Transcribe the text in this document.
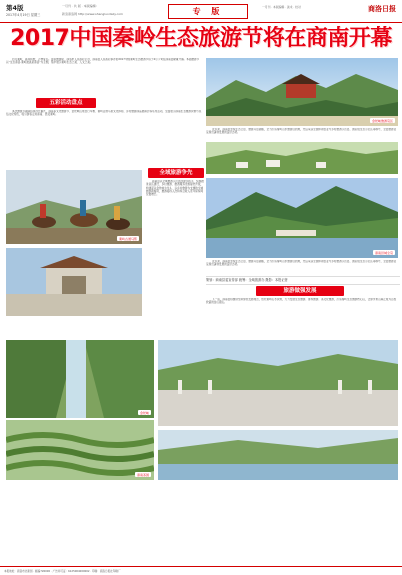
第4版
2017年4月19日 星期三
一月刊 · 共 版 · 本版编辑：
新浪商洛网 http://www.shangluodaily.com	专 版	一月刊 · 本版编辑 · 美术 · 校对	商洛日报
2017中国秦岭生态旅游节将在商南开幕

四月秦岭，春风和煦，万物复苏。由省旅游局、商洛市人民政府主办，商南县人民政府承办的2017中国秦岭生态旅游节将于4月下旬在商南县隆重开幕。本届旅游节以“生态商洛·秦岭最美是商洛”为主题，集中展示秦岭生态之美、人文之美。

金丝峡旅游景区

近年来，商南县坚持生态立县、旅游兴县战略，全力打造秦岭山水旅游目的地，先后荣获全国休闲农业与乡村旅游示范县、国家级生态示范区等称号，全县旅游业呈现出蓬勃发展的良好态势。

五彩活动盘点

本次旅游节期间将举办开幕式、商南茶文化旅游节、金丝峡山地自行车赛、秦岭古道马帮文化体验、乡村旅游商品展销会等系列活动，全面展示商南生态旅游资源与民俗文化特色，吸引游客走进商南、感受秦岭。

秦岭古道马帮
全域旅游争先

商南县以全域旅游示范县创建为抓手，统筹推进景区建设、乡村旅游、旅游服务设施提档升级，构建起以金丝峡为龙头、以乡村旅游为支撑的全域旅游新格局，旅游接待人次和综合收入连年保持两位数增长。

商南县城全景

近年来，商南县坚持生态立县、旅游兴县战略，全力打造秦岭山水旅游目的地，先后荣获全国休闲农业与乡村旅游示范县、国家级生态示范区等称号，全县旅游业呈现出蓬勃发展的良好态势。

策划：商南县委宣传部 统筹：全域旅游办 摄影：本报记者
旅游做强发展

下一步，商南县将继续坚持绿色发展理念，依托秦岭山水资源，大力发展生态旅游、康养旅游、茶文化旅游，打造秦岭生态旅游核心区，让绿水青山真正成为百姓致富的金山银山。

金丝峡
商南茶园
本报地址：商洛市北新街 · 邮编726000 · 广告许可证：6125004000002 · 印刷：商洛日报社印刷厂
